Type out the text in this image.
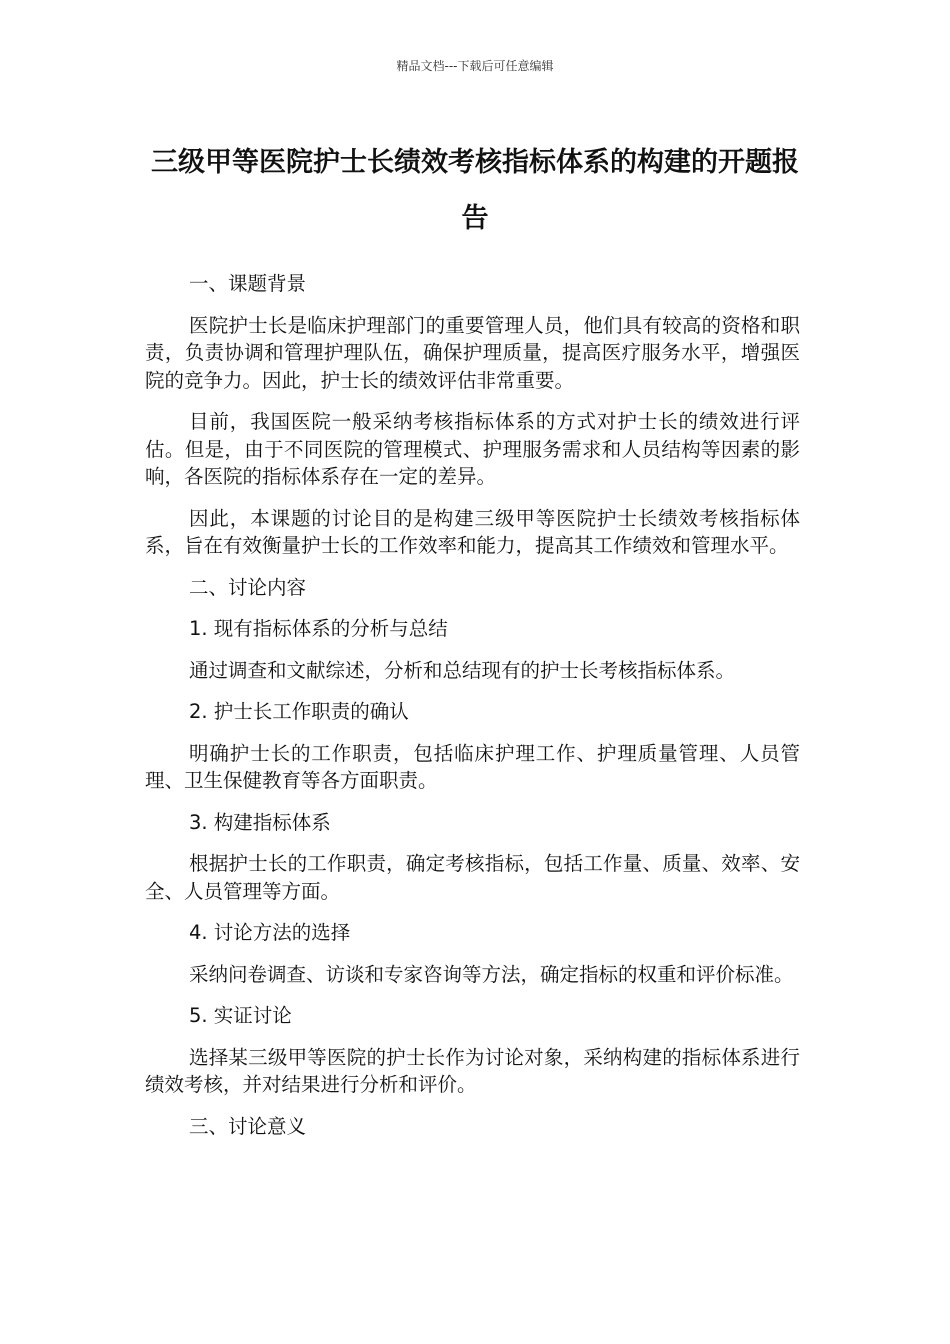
精品文档---下载后可任意编辑
三级甲等医院护士长绩效考核指标体系的构建的开题报告

一、课题背景

医院护士长是临床护理部门的重要管理人员，他们具有较高的资格和职责，负责协调和管理护理队伍，确保护理质量，提高医疗服务水平，增强医院的竞争力。因此，护士长的绩效评估非常重要。

目前，我国医院一般采纳考核指标体系的方式对护士长的绩效进行评估。但是，由于不同医院的管理模式、护理服务需求和人员结构等因素的影响，各医院的指标体系存在一定的差异。

因此，本课题的讨论目的是构建三级甲等医院护士长绩效考核指标体系，旨在有效衡量护士长的工作效率和能力，提高其工作绩效和管理水平。

二、讨论内容

1. 现有指标体系的分析与总结

通过调查和文献综述，分析和总结现有的护士长考核指标体系。

2. 护士长工作职责的确认

明确护士长的工作职责，包括临床护理工作、护理质量管理、人员管理、卫生保健教育等各方面职责。

3. 构建指标体系

根据护士长的工作职责，确定考核指标，包括工作量、质量、效率、安全、人员管理等方面。

4. 讨论方法的选择

采纳问卷调查、访谈和专家咨询等方法，确定指标的权重和评价标准。

5. 实证讨论

选择某三级甲等医院的护士长作为讨论对象，采纳构建的指标体系进行绩效考核，并对结果进行分析和评价。

三、讨论意义
